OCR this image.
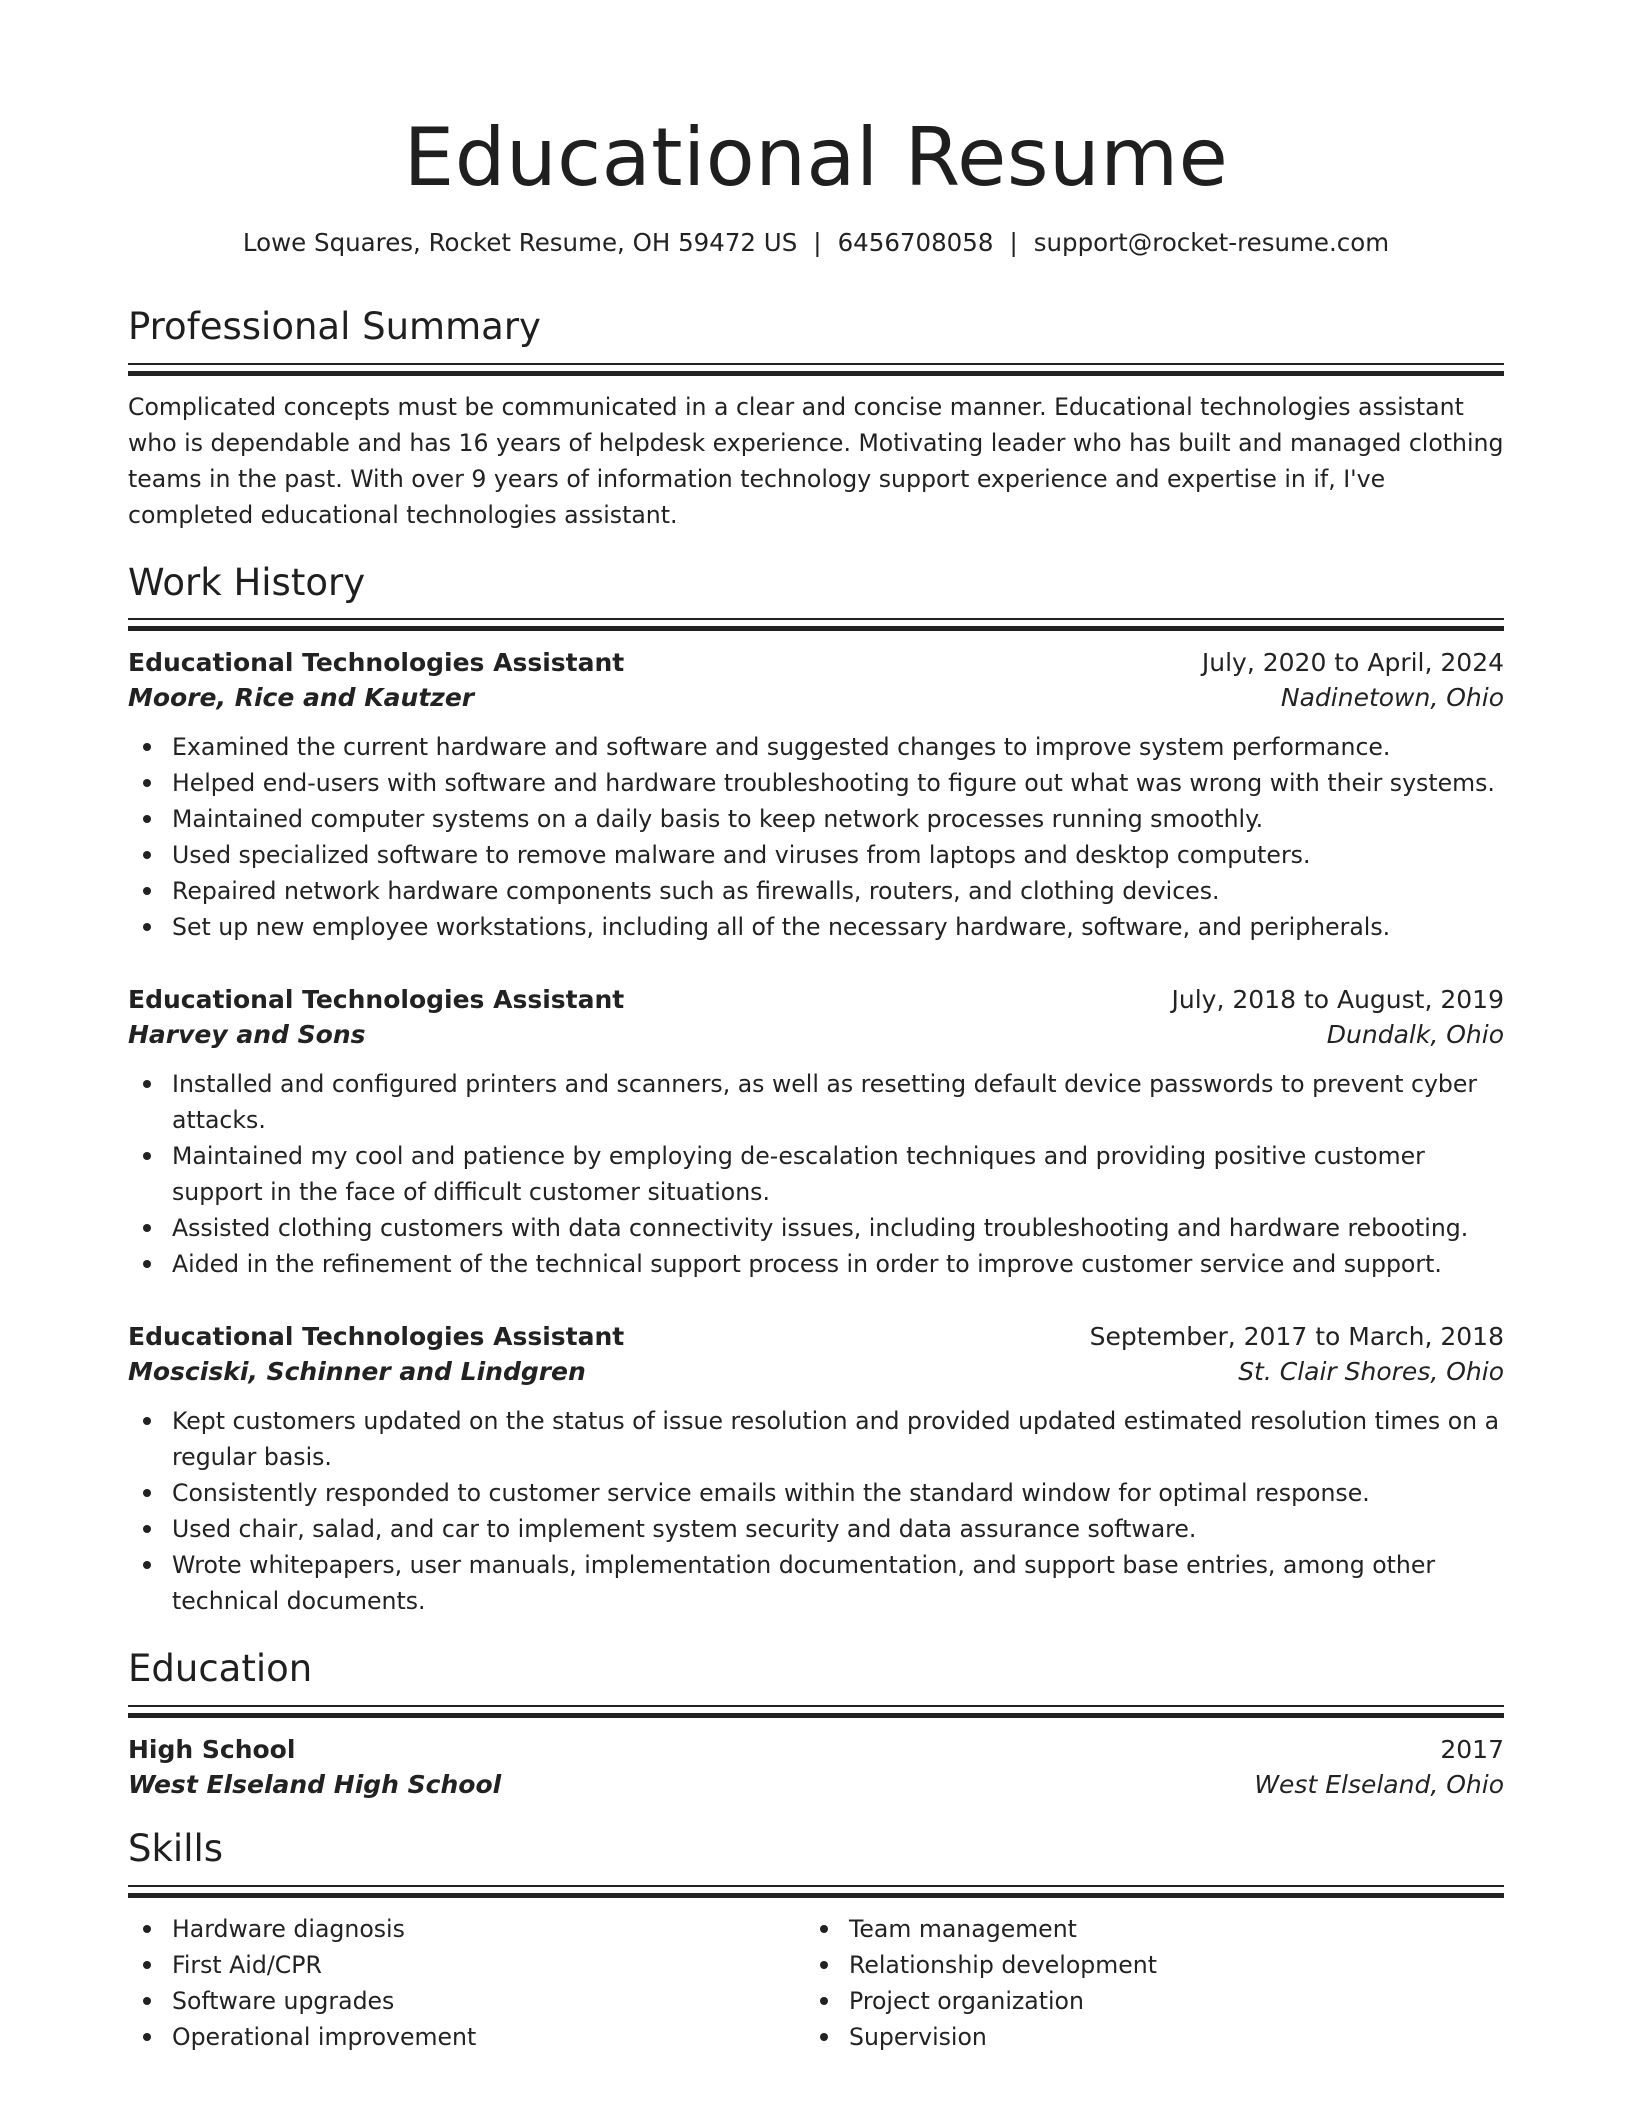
Educational Resume
Lowe Squares, Rocket Resume, OH 59472 US | 6456708058 | support@rocket-resume.com
Professional Summary

Complicated concepts must be communicated in a clear and concise manner. Educational technologies assistant who is dependable and has 16 years of helpdesk experience. Motivating leader who has built and managed clothing teams in the past. With over 9 years of information technology support experience and expertise in if, I've completed educational technologies assistant.

Work History
Educational Technologies Assistant	July, 2020 to April, 2024
Moore, Rice and Kautzer	Nadinetown, Ohio
Examined the current hardware and software and suggested changes to improve system performance.
Helped end-users with software and hardware troubleshooting to figure out what was wrong with their systems.
Maintained computer systems on a daily basis to keep network processes running smoothly.
Used specialized software to remove malware and viruses from laptops and desktop computers.
Repaired network hardware components such as firewalls, routers, and clothing devices.
Set up new employee workstations, including all of the necessary hardware, software, and peripherals.
Educational Technologies Assistant	July, 2018 to August, 2019
Harvey and Sons	Dundalk, Ohio
Installed and configured printers and scanners, as well as resetting default device passwords to prevent cyber attacks.
Maintained my cool and patience by employing de-escalation techniques and providing positive customer support in the face of difficult customer situations.
Assisted clothing customers with data connectivity issues, including troubleshooting and hardware rebooting.
Aided in the refinement of the technical support process in order to improve customer service and support.
Educational Technologies Assistant	September, 2017 to March, 2018
Mosciski, Schinner and Lindgren	St. Clair Shores, Ohio
Kept customers updated on the status of issue resolution and provided updated estimated resolution times on a regular basis.
Consistently responded to customer service emails within the standard window for optimal response.
Used chair, salad, and car to implement system security and data assurance software.
Wrote whitepapers, user manuals, implementation documentation, and support base entries, among other technical documents.
Education
High School	2017
West Elseland High School	West Elseland, Ohio
Skills
Hardware diagnosis
First Aid/CPR
Software upgrades
Operational improvement
Team management
Relationship development
Project organization
Supervision
